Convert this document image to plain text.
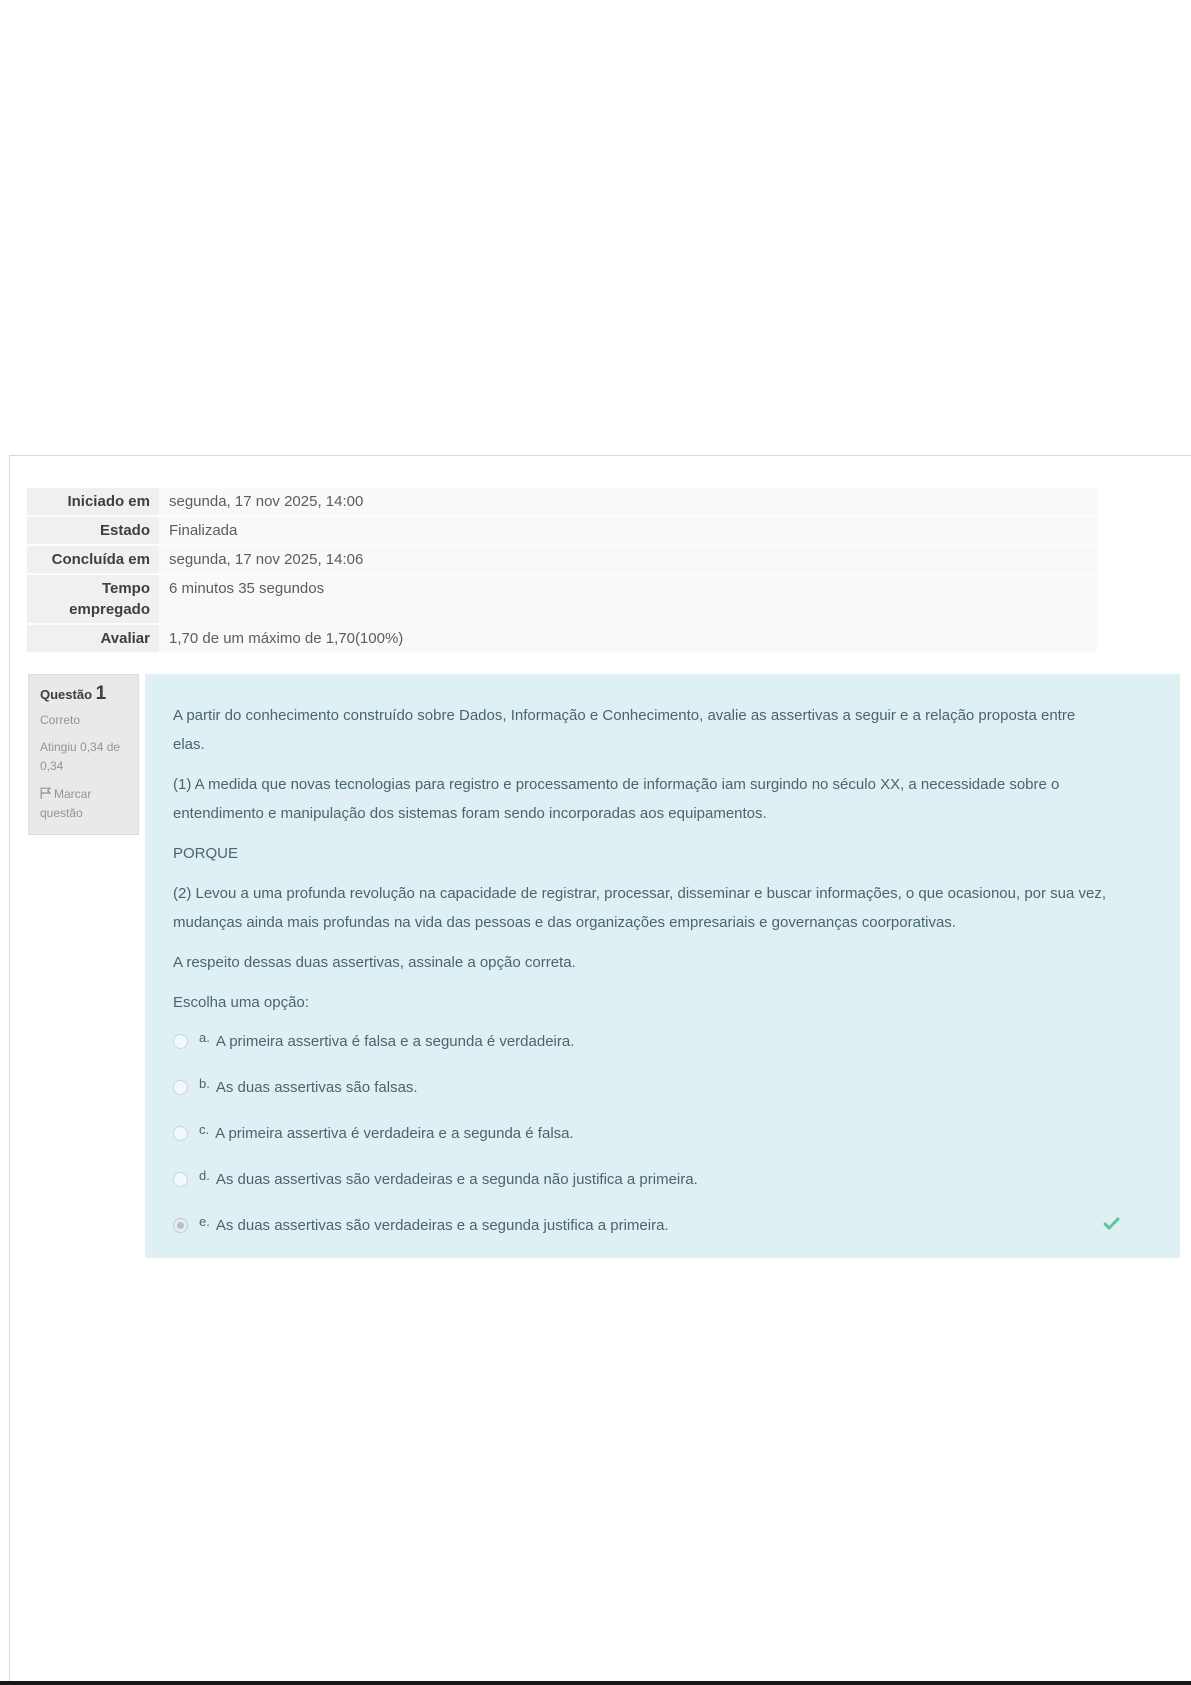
Iniciado em	segunda, 17 nov 2025, 14:00
Estado	Finalizada
Concluída em	segunda, 17 nov 2025, 14:06
Tempo empregado	6 minutos 35 segundos
Avaliar	1,70 de um máximo de 1,70(100%)
Questão 1
Correto
Atingiu 0,34 de 0,34
Marcar questão

A partir do conhecimento construído sobre Dados, Informação e Conhecimento, avalie as assertivas a seguir e a relação proposta entre elas.

(1) A medida que novas tecnologias para registro e processamento de informação iam surgindo no século XX, a necessidade sobre o entendimento e manipulação dos sistemas foram sendo incorporadas aos equipamentos.

PORQUE

(2) Levou a uma profunda revolução na capacidade de registrar, processar, disseminar e buscar informações, o que ocasionou, por sua vez, mudanças ainda mais profundas na vida das pessoas e das organizações empresariais e governanças coorporativas.

A respeito dessas duas assertivas, assinale a opção correta.

Escolha uma opção:

a. A primeira assertiva é falsa e a segunda é verdadeira.
b. As duas assertivas são falsas.
c. A primeira assertiva é verdadeira e a segunda é falsa.
d. As duas assertivas são verdadeiras e a segunda não justifica a primeira.
e. As duas assertivas são verdadeiras e a segunda justifica a primeira.
